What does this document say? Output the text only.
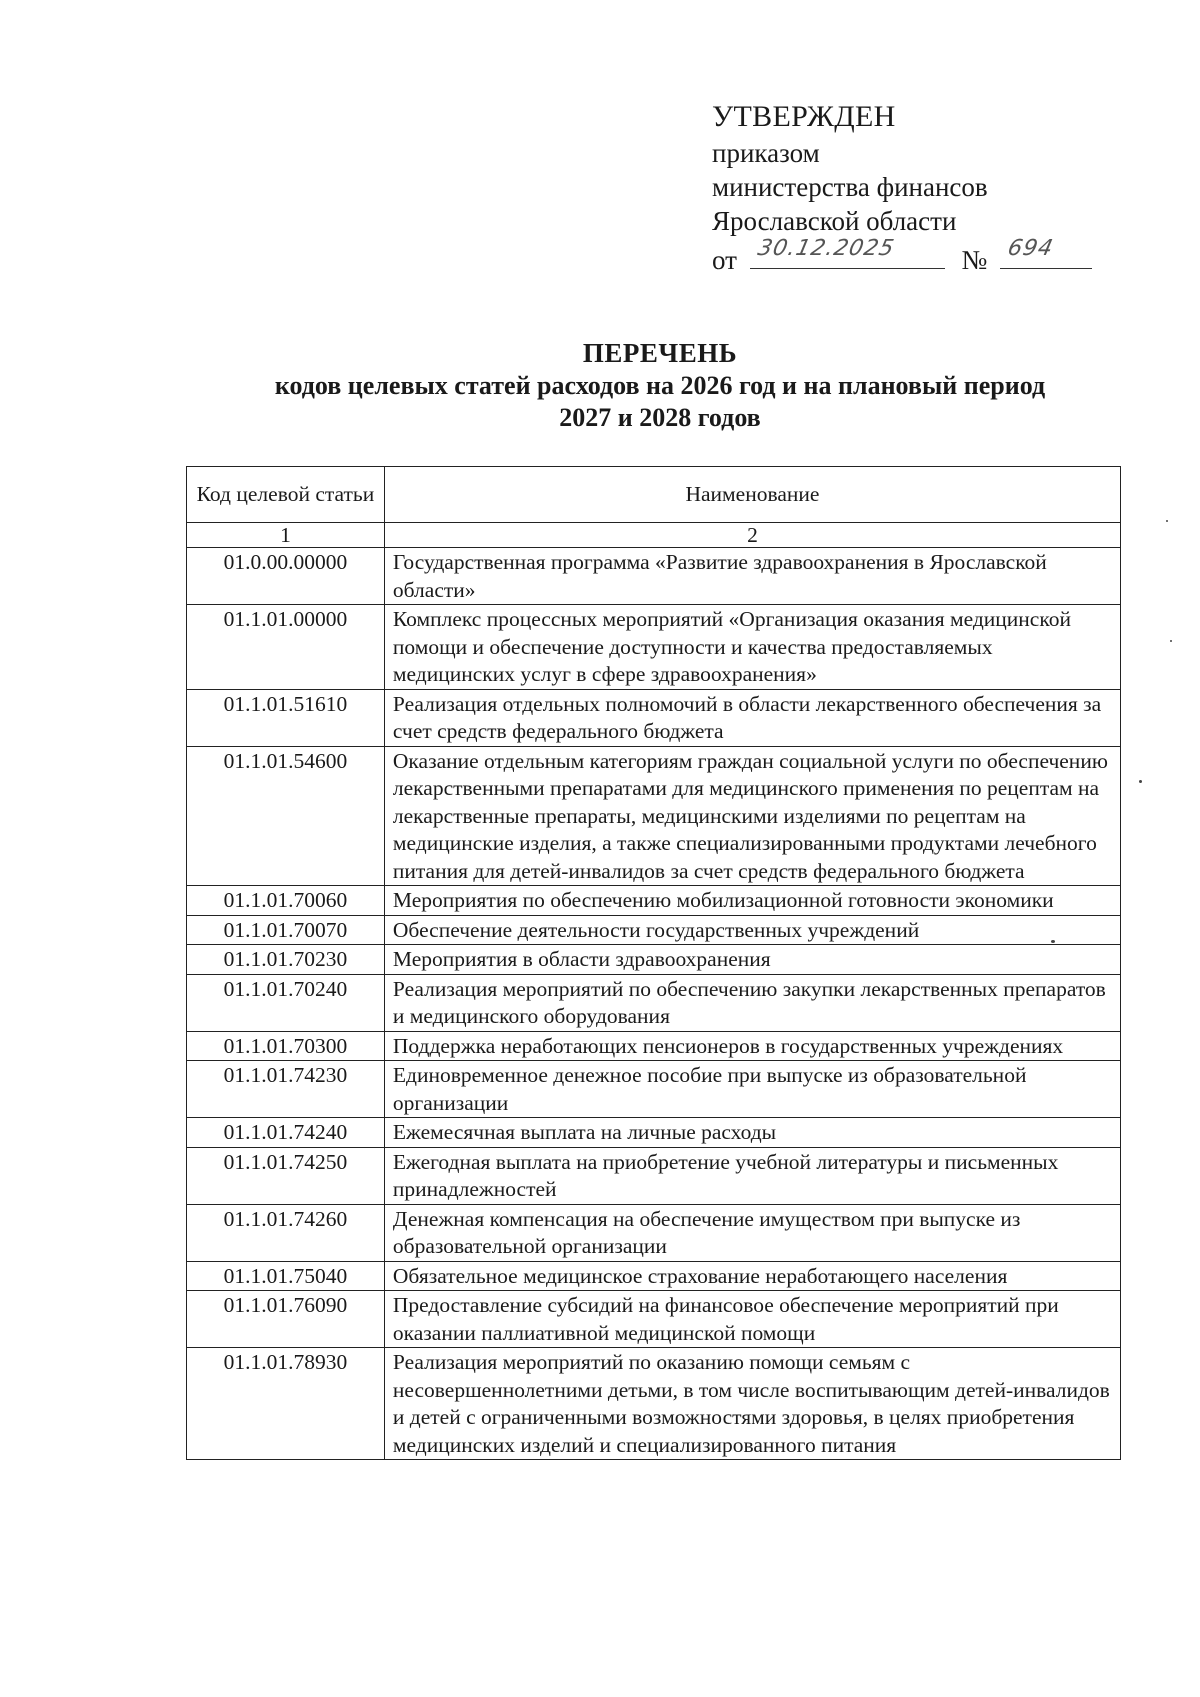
УТВЕРЖДЕН
приказом
министерства финансов
Ярославской области
от 30.12.2025 № 694
ПЕРЕЧЕНЬ
кодов целевых статей расходов на 2026 год и на плановый период
2027 и 2028 годов
Код целевой статьи	Наименование
1	2
01.0.00.00000	Государственная программа «Развитие здравоохранения в Ярославской области»
01.1.01.00000	Комплекс процессных мероприятий «Организация оказания медицинской помощи и обеспечение доступности и качества предоставляемых медицинских услуг в сфере здравоохранения»
01.1.01.51610	Реализация отдельных полномочий в области лекарственного обеспечения за счет средств федерального бюджета
01.1.01.54600	Оказание отдельным категориям граждан социальной услуги по обеспечению лекарственными препаратами для медицинского применения по рецептам на лекарственные препараты, медицинскими изделиями по рецептам на медицинские изделия, а также специализированными продуктами лечебного питания для детей-инвалидов за счет средств федерального бюджета
01.1.01.70060	Мероприятия по обеспечению мобилизационной готовности экономики
01.1.01.70070	Обеспечение деятельности государственных учреждений
01.1.01.70230	Мероприятия в области здравоохранения
01.1.01.70240	Реализация мероприятий по обеспечению закупки лекарственных препаратов и медицинского оборудования
01.1.01.70300	Поддержка неработающих пенсионеров в государственных учреждениях
01.1.01.74230	Единовременное денежное пособие при выпуске из образовательной организации
01.1.01.74240	Ежемесячная выплата на личные расходы
01.1.01.74250	Ежегодная выплата на приобретение учебной литературы и письменных принадлежностей
01.1.01.74260	Денежная компенсация на обеспечение имуществом при выпуске из образовательной организации
01.1.01.75040	Обязательное медицинское страхование неработающего населения
01.1.01.76090	Предоставление субсидий на финансовое обеспечение мероприятий при оказании паллиативной медицинской помощи
01.1.01.78930	Реализация мероприятий по оказанию помощи семьям с несовершеннолетними детьми, в том числе воспитывающим детей-инвалидов и детей с ограниченными возможностями здоровья, в целях приобретения медицинских изделий и специализированного питания
